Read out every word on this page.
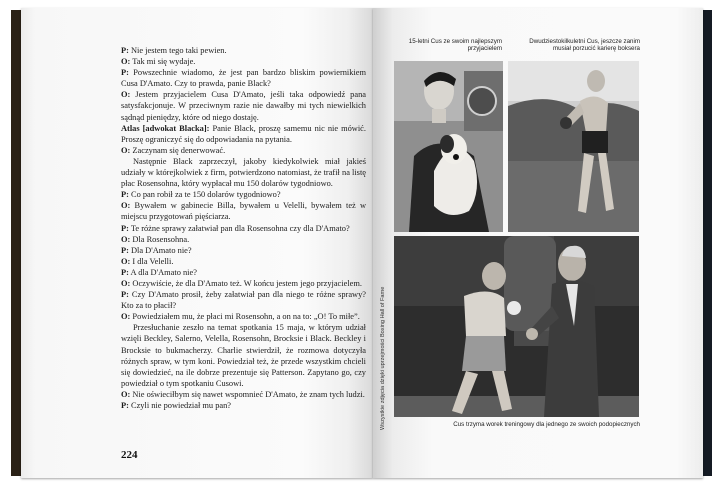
P: Nie jestem tego taki pewien.

O: Tak mi się wydaje.

P: Powszechnie wiadomo, że jest pan bardzo bliskim powiernikiem Cusa D'Amato. Czy to prawda, panie Black?

O: Jestem przyjacielem Cusa D'Amato, jeśli taka odpowiedź pana satysfakcjonuje. W przeciwnym razie nie dawałby mi tych niewielkich sądnąd pieniędzy, które od niego dostaję.

Atlas [adwokat Blacka]: Panie Black, proszę samemu nic nie mówić. Proszę ograniczyć się do odpowiadania na pytania.

O: Zaczynam się denerwować.

Następnie Black zaprzeczył, jakoby kiedykolwiek miał jakieś udziały w którejkolwiek z firm, potwierdzono natomiast, że trafił na listę płac Rosensohna, który wypłacał mu 150 dolarów tygodniowo.

P: Co pan robił za te 150 dolarów tygodniowo?

O: Bywałem w gabinecie Billa, bywałem u Velelli, bywałem też w miejscu przygotowań pięściarza.

P: Te różne sprawy załatwiał pan dla Rosensohna czy dla D'Amato?

O: Dla Rosensohna.

P: Dla D'Amato nie?

O: I dla Velelli.

P: A dla D'Amato nie?

O: Oczywiście, że dla D'Amato też. W końcu jestem jego przyjacielem.

P: Czy D'Amato prosił, żeby załatwiał pan dla niego te różne sprawy? Kto za to płacił?

O: Powiedziałem mu, że płaci mi Rosensohn, a on na to: „O! To miłe”.

Przesłuchanie zeszło na temat spotkania 15 maja, w którym udział wzięli Beckley, Salerno, Velella, Rosensohn, Brocksie i Black. Beckley i Brocksie to bukmacherzy. Charlie stwierdził, że rozmowa dotyczyła różnych spraw, w tym koni. Powiedział też, że przede wszystkim chcieli się dowiedzieć, na ile dobrze prezentuje się Patterson. Zapytano go, czy powiedział o tym spotkaniu Cusowi.

O: Nie oświeciłbym się nawet wspomnieć D'Amato, że znam tych ludzi.

P: Czyli nie powiedział mu pan?

224
15-letni Cus ze swoim najlepszym przyjacielem
Dwudziestokilkuletni Cus, jeszcze zanim musiał porzucić karierę boksera
Wszystkie zdjęcia dzięki uprzejmości Boxing Hall of Fame	Cus trzyma worek treningowy dla jednego ze swoich podopiecznych
